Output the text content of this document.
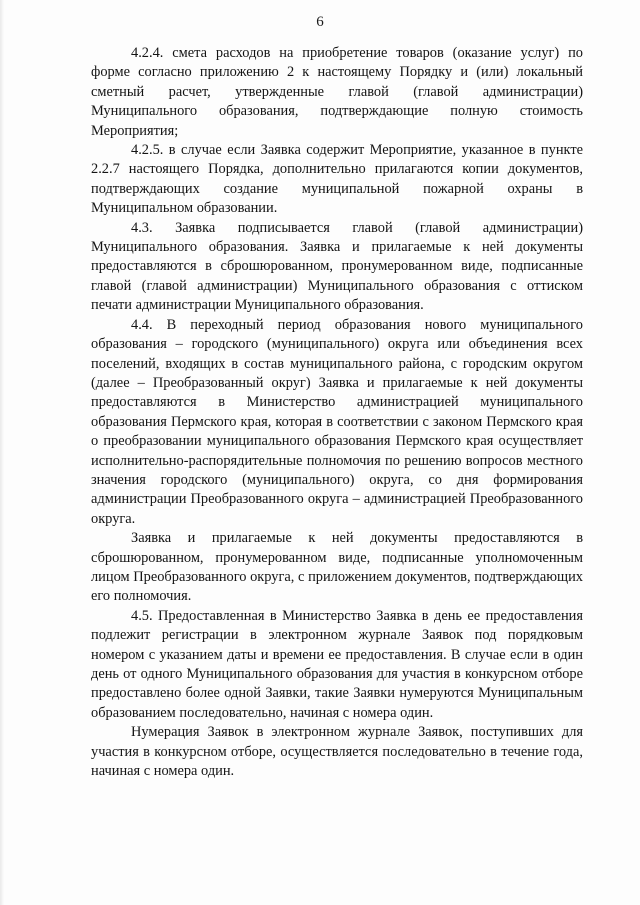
6

4.2.4. смета расходов на приобретение товаров (оказание услуг) по форме согласно приложению 2 к настоящему Порядку и (или) локальный сметный расчет, утвержденные главой (главой администрации) Муниципального образования, подтверждающие полную стоимость Мероприятия;

4.2.5. в случае если Заявка содержит Мероприятие, указанное в пункте 2.2.7 настоящего Порядка, дополнительно прилагаются копии документов, подтверждающих создание муниципальной пожарной охраны в Муниципальном образовании.

4.3. Заявка подписывается главой (главой администрации) Муниципального образования. Заявка и прилагаемые к ней документы предоставляются в сброшюрованном, пронумерованном виде, подписанные главой (главой администрации) Муниципального образования с оттиском печати администрации Муниципального образования.

4.4. В переходный период образования нового муниципального образования – городского (муниципального) округа или объединения всех поселений, входящих в состав муниципального района, с городским округом (далее – Преобразованный округ) Заявка и прилагаемые к ней документы предоставляются в Министерство администрацией муниципального образования Пермского края, которая в соответствии с законом Пермского края о преобразовании муниципального образования Пермского края осуществляет исполнительно-распорядительные полномочия по решению вопросов местного значения городского (муниципального) округа, со дня формирования администрации Преобразованного округа – администрацией Преобразованного округа.

Заявка и прилагаемые к ней документы предоставляются в сброшюрованном, пронумерованном виде, подписанные уполномоченным лицом Преобразованного округа, с приложением документов, подтверждающих его полномочия.

4.5. Предоставленная в Министерство Заявка в день ее предоставления подлежит регистрации в электронном журнале Заявок под порядковым номером с указанием даты и времени ее предоставления. В случае если в один день от одного Муниципального образования для участия в конкурсном отборе предоставлено более одной Заявки, такие Заявки нумеруются Муниципальным образованием последовательно, начиная с номера один.

Нумерация Заявок в электронном журнале Заявок, поступивших для участия в конкурсном отборе, осуществляется последовательно в течение года, начиная с номера один.
